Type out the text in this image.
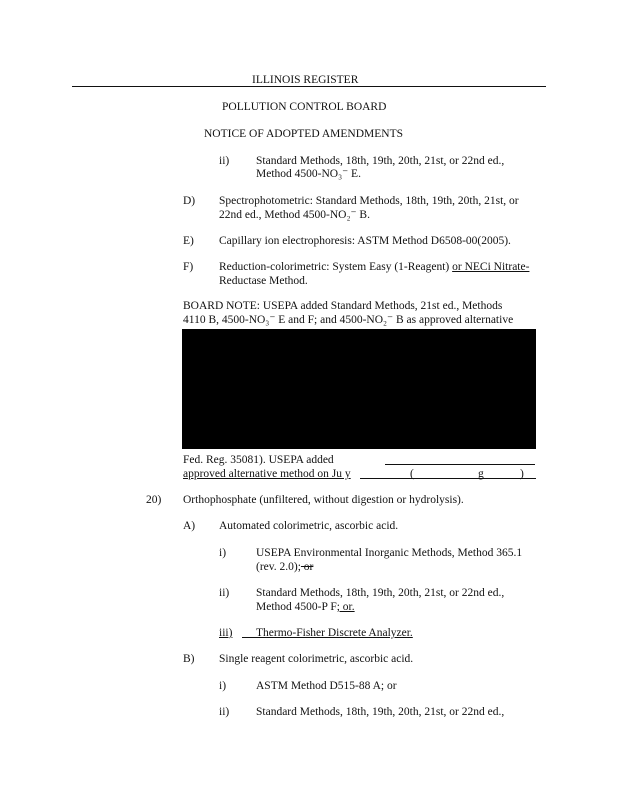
ILLINOIS REGISTER
POLLUTION CONTROL BOARD
NOTICE OF ADOPTED AMENDMENTS
ii) Standard Methods, 18th, 19th, 20th, 21st, or 22nd ed.,
Method 4500-NO₃⁻ E.
D) Spectrophotometric: Standard Methods, 18th, 19th, 20th, 21st, or
22nd ed., Method 4500-NO₂⁻ B.
E) Capillary ion electrophoresis: ASTM Method D6508-00(2005).
F) Reduction-colorimetric: System Easy (1-Reagent) or NECi Nitrate-
Reductase Method.
BOARD NOTE: USEPA added Standard Methods, 21st ed., Methods
4110 B, 4500-NO₃⁻ E and F; and 4500-NO₂⁻ B as approved alternative
Fed. Reg. 35081). USEPA added
approved alternative method on Ju y	(	g	)
20) Orthophosphate (unfiltered, without digestion or hydrolysis).
A) Automated colorimetric, ascorbic acid.
i)	USEPA Environmental Inorganic Methods, Method 365.1
(rev. 2.0); or
ii) Standard Methods, 18th, 19th, 20th, 21st, or 22nd ed.,
Method 4500-P F; or.
iii) Thermo-Fisher Discrete Analyzer.
B) Single reagent colorimetric, ascorbic acid.
i)	ASTM Method D515-88 A; or
ii) Standard Methods, 18th, 19th, 20th, 21st, or 22nd ed.,
